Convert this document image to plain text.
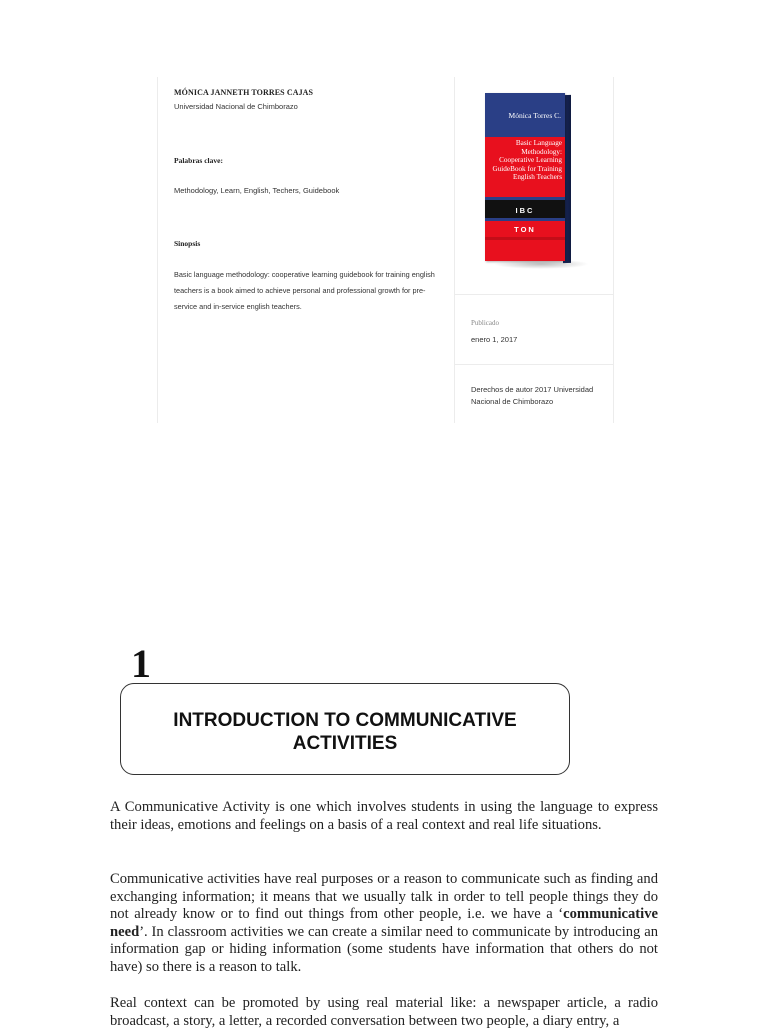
MÓNICA JANNETH TORRES CAJAS
Universidad Nacional de Chimborazo
Palabras clave:
Methodology, Learn, English, Techers, Guidebook
Sinopsis
Basic language methodology: cooperative learning guidebook for training english teachers is a book aimed to achieve personal and professional growth for pre-service and in-service english teachers.
Mónica Torres C.
Basic Language
Methodology:
Cooperative Learning
GuideBook for Training
English Teachers
IBC
TON
Publicado
enero 1, 2017
Derechos de autor 2017 Universidad Nacional de Chimborazo
1
INTRODUCTION TO COMMUNICATIVE
ACTIVITIES
A Communicative Activity is one which involves students in using the language to express their ideas, emotions and feelings on a basis of a real context and real life situations.
Communicative activities have real purposes or a reason to communicate such as finding and exchanging information; it means that we usually talk in order to tell people things they do not already know or to find out things from other people, i.e. we have a ‘communicative need’. In classroom activities we can create a similar need to communicate by introducing an information gap or hiding information (some students have information that others do not have) so there is a reason to talk.
Real context can be promoted by using real material like: a newspaper article, a radio broadcast, a story, a letter, a recorded conversation between two people, a diary entry, a
